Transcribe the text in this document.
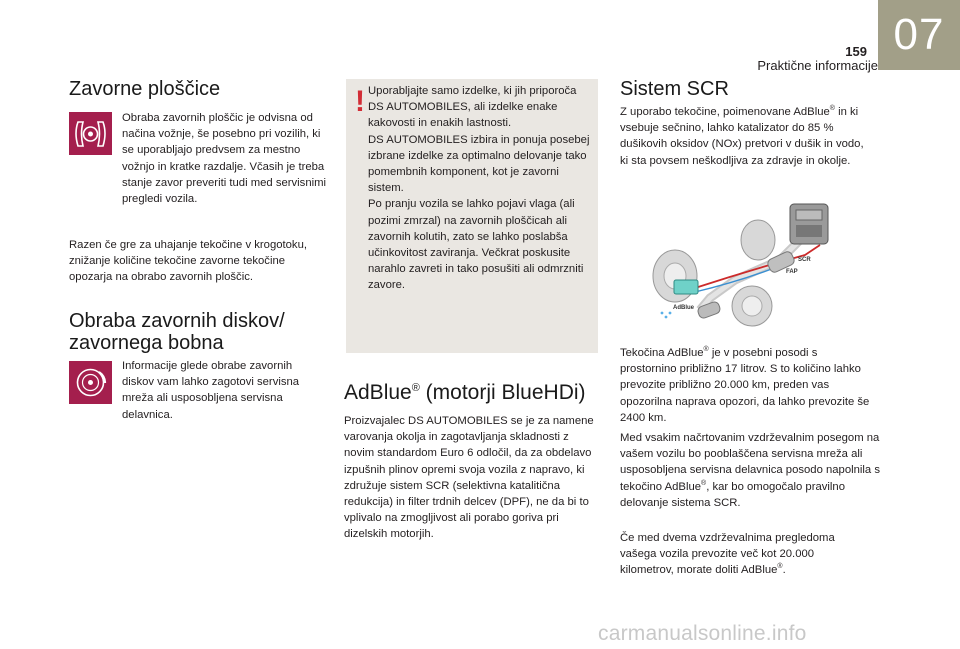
159
Praktične informacije
07
Zavorne ploščice
Obraba zavornih ploščic je odvisna od načina vožnje, še posebno pri vozilih, ki se uporabljajo predvsem za mestno vožnjo in kratke razdalje. Včasih je treba stanje zavor preveriti tudi med servisnimi pregledi vozila.
Razen če gre za uhajanje tekočine v krogotoku, znižanje količine tekočine zavorne tekočine opozarja na obrabo zavornih ploščic.
Obraba zavornih diskov/
zavornega bobna
Informacije glede obrabe zavornih diskov vam lahko zagotovi servisna mreža ali usposobljena servisna delavnica.
! Uporabljajte samo izdelke, ki jih priporoča DS AUTOMOBILES, ali izdelke enake kakovosti in enakih lastnosti.
DS AUTOMOBILES izbira in ponuja posebej izbrane izdelke za optimalno delovanje tako pomembnih komponent, kot je zavorni sistem.
Po pranju vozila se lahko pojavi vlaga (ali pozimi zmrzal) na zavornih ploščicah ali zavornih kolutih, zato se lahko poslabša učinkovitost zaviranja. Večkrat poskusite narahlo zavreti in tako posušiti ali odmrzniti zavore.
AdBlue® (motorji BlueHDi)
Proizvajalec DS AUTOMOBILES se je za namene varovanja okolja in zagotavljanja skladnosti z novim standardom Euro 6 odločil, da za obdelavo izpušnih plinov opremi svoja vozila z napravo, ki združuje sistem SCR (selektivna katalitična redukcija) in filter trdnih delcev (DPF), ne da bi to vplivalo na zmogljivost ali porabo goriva pri dizelskih motorjih.
Sistem SCR
Z uporabo tekočine, poimenovane AdBlue® in ki vsebuje sečnino, lahko katalizator do 85 % dušikovih oksidov (NOx) pretvori v dušik in vodo, ki sta povsem neškodljiva za zdravje in okolje.
SCR
FAP
AdBlue
Tekočina AdBlue® je v posebni posodi s prostornino približno 17 litrov. S to količino lahko prevozite približno 20.000 km, preden vas opozorilna naprava opozori, da lahko prevozite še 2400 km.
Med vsakim načrtovanim vzdrževalnim posegom na vašem vozilu bo pooblaščena servisna mreža ali usposobljena servisna delavnica posodo napolnila s tekočino AdBlue®, kar bo omogočalo pravilno delovanje sistema SCR.
Če med dvema vzdrževalnima pregledoma vašega vozila prevozite več kot 20.000 kilometrov, morate doliti AdBlue®.
carmanualsonline.info
